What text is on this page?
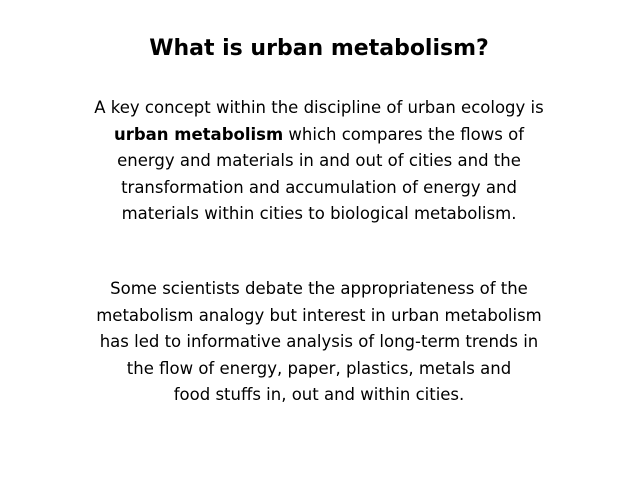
What is urban metabolism?
A key concept within the discipline of urban ecology is
urban metabolism which compares the flows of
energy and materials in and out of cities and the
transformation and accumulation of energy and
materials within cities to biological metabolism.
Some scientists debate the appropriateness of the
metabolism analogy but interest in urban metabolism
has led to informative analysis of long-term trends in
the flow of energy, paper, plastics, metals and
food stuffs in, out and within cities.
